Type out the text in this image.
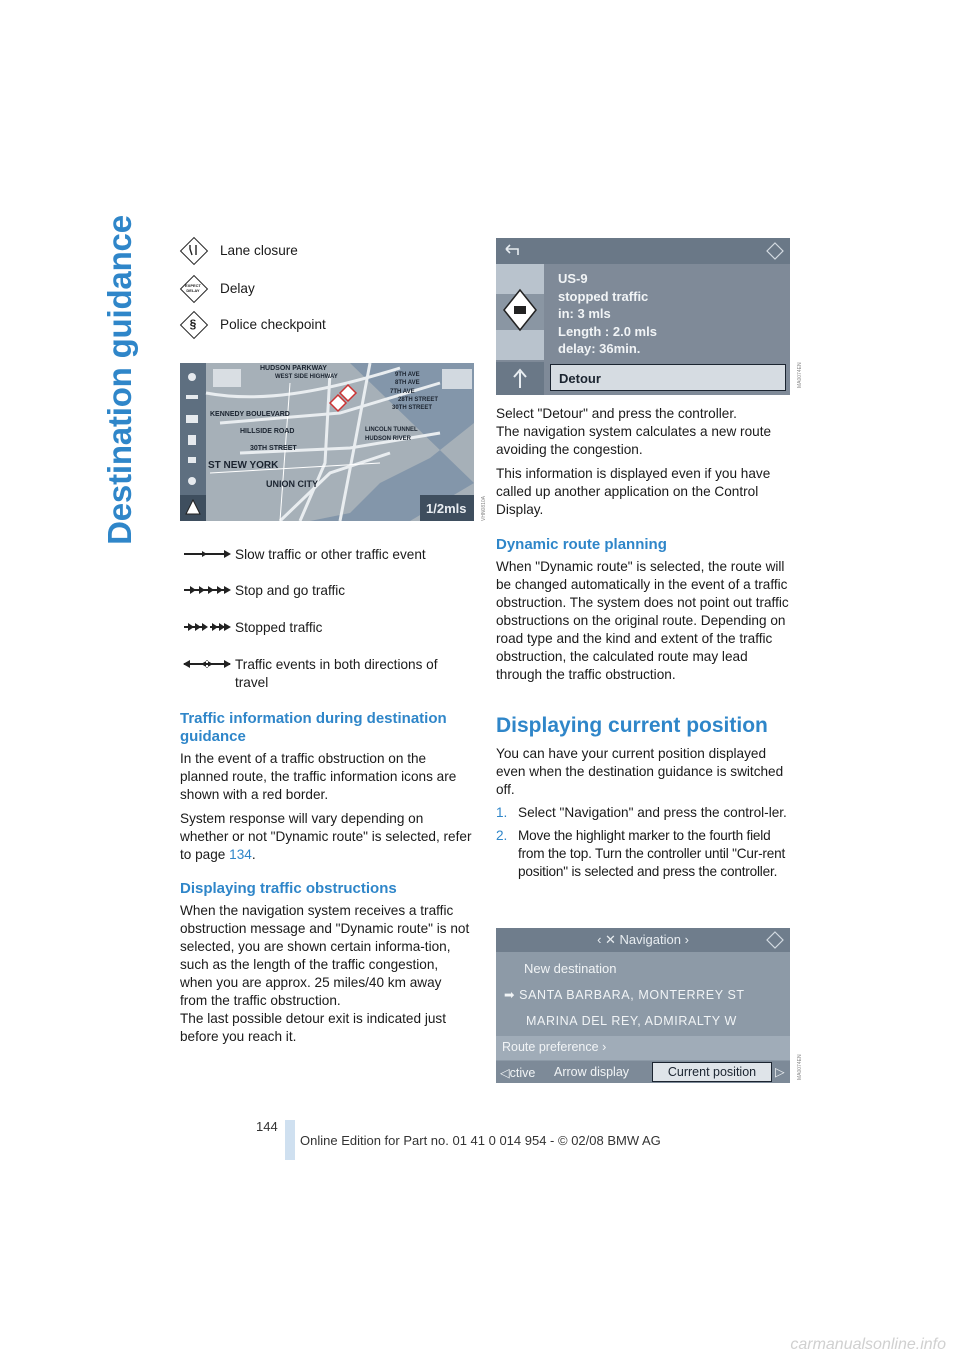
Destination guidance	Lane closure
EXPECT DELAY	Delay
§	Police checkpoint
HUDSON PARKWAY
WEST SIDE HIGHWAY
KENNEDY BOULEVARD
HILLSIDE ROAD
30TH STREET
LINCOLN TUNNEL
HUDSON RIVER
ST NEW YORK
UNION CITY
9TH AVE
8TH AVE
7TH AVE
28TH STREET
30TH STREET
1/2mls	VHN0810A
Slow traffic or other traffic event
Stop and go traffic
Stopped traffic
Traffic events in both directions of travel

Traffic information during destination guidance

In the event of a traffic obstruction on the planned route, the traffic information icons are shown with a red border.

System response will vary depending on whether or not "Dynamic route" is selected, refer to page 134.

Displaying traffic obstructions

When the navigation system receives a traffic obstruction message and "Dynamic route" is not selected, you are shown certain informa-tion, such as the length of the traffic congestion, when you are approx. 25 miles/40 km away from the traffic obstruction.

The last possible detour exit is indicated just before you reach it.

US-9
stopped traffic
in: 3 mls
Length : 2.0 mls
delay: 36min.
Detour	MA0074EN

Select "Detour" and press the controller.

The navigation system calculates a new route avoiding the congestion.

This information is displayed even if you have called up another application on the Control Display.

Dynamic route planning

When "Dynamic route" is selected, the route will be changed automatically in the event of a traffic obstruction. The system does not point out traffic obstructions on the original route. Depending on road type and the kind and extent of the traffic obstruction, the calculated route may lead through the traffic obstruction.

Displaying current position

You can have your current position displayed even when the destination guidance is switched off.

1. Select "Navigation" and press the control-ler.
2. Move the highlight marker to the fourth field from the top. Turn the controller until "Cur-rent position" is selected and press the controller.
‹ ✕ Navigation ›
New destination
➡ SANTA BARBARA, MONTERREY ST
MARINA DEL REY, ADMIRALTY W
Route preference ›
◁ctive Arrow display	Current position	▷ MA0074EN
144
Online Edition for Part no. 01 41 0 014 954 - © 02/08 BMW AG
carmanualsonline.info
